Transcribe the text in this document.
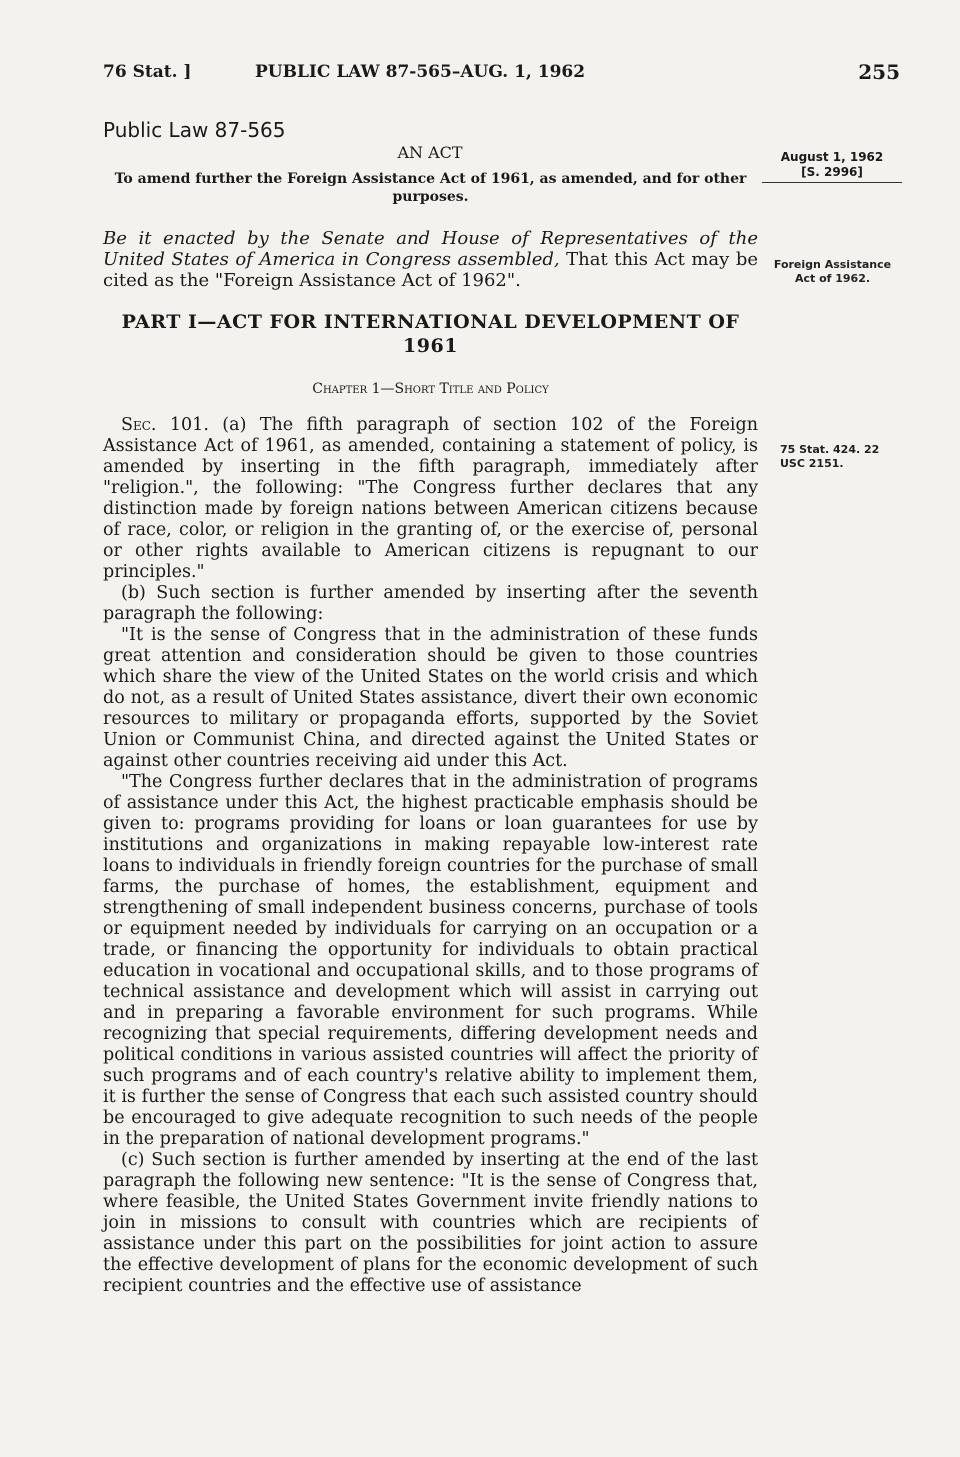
76 Stat. ]	PUBLIC LAW 87-565–AUG. 1, 1962	255
Public Law 87-565
AN ACT
To amend further the Foreign Assistance Act of 1961, as amended, and for other purposes.
August 1, 1962
[S. 2996]
Be it enacted by the Senate and House of Representatives of the United States of America in Congress assembled, That this Act may be cited as the "Foreign Assistance Act of 1962".
Foreign Assistance Act of 1962.
PART I—ACT FOR INTERNATIONAL DEVELOPMENT OF 1961
Chapter 1—Short Title and Policy
75 Stat. 424. 22 USC 2151.

Sec. 101. (a) The fifth paragraph of section 102 of the Foreign Assistance Act of 1961, as amended, containing a statement of policy, is amended by inserting in the fifth paragraph, immediately after "religion.", the following: "The Congress further declares that any distinction made by foreign nations between American citizens because of race, color, or religion in the granting of, or the exercise of, personal or other rights available to American citizens is repugnant to our principles."

(b) Such section is further amended by inserting after the seventh paragraph the following:

"It is the sense of Congress that in the administration of these funds great attention and consideration should be given to those countries which share the view of the United States on the world crisis and which do not, as a result of United States assistance, divert their own economic resources to military or propaganda efforts, supported by the Soviet Union or Communist China, and directed against the United States or against other countries receiving aid under this Act.

"The Congress further declares that in the administration of programs of assistance under this Act, the highest practicable emphasis should be given to: programs providing for loans or loan guarantees for use by institutions and organizations in making repayable low-interest rate loans to individuals in friendly foreign countries for the purchase of small farms, the purchase of homes, the establishment, equipment and strengthening of small independent business concerns, purchase of tools or equipment needed by individuals for carrying on an occupation or a trade, or financing the opportunity for individuals to obtain practical education in vocational and occupational skills, and to those programs of technical assistance and development which will assist in carrying out and in preparing a favorable environment for such programs. While recognizing that special requirements, differing development needs and political conditions in various assisted countries will affect the priority of such programs and of each country's relative ability to implement them, it is further the sense of Congress that each such assisted country should be encouraged to give adequate recognition to such needs of the people in the preparation of national development programs."

(c) Such section is further amended by inserting at the end of the last paragraph the following new sentence: "It is the sense of Congress that, where feasible, the United States Government invite friendly nations to join in missions to consult with countries which are recipients of assistance under this part on the possibilities for joint action to assure the effective development of plans for the economic development of such recipient countries and the effective use of assistance
